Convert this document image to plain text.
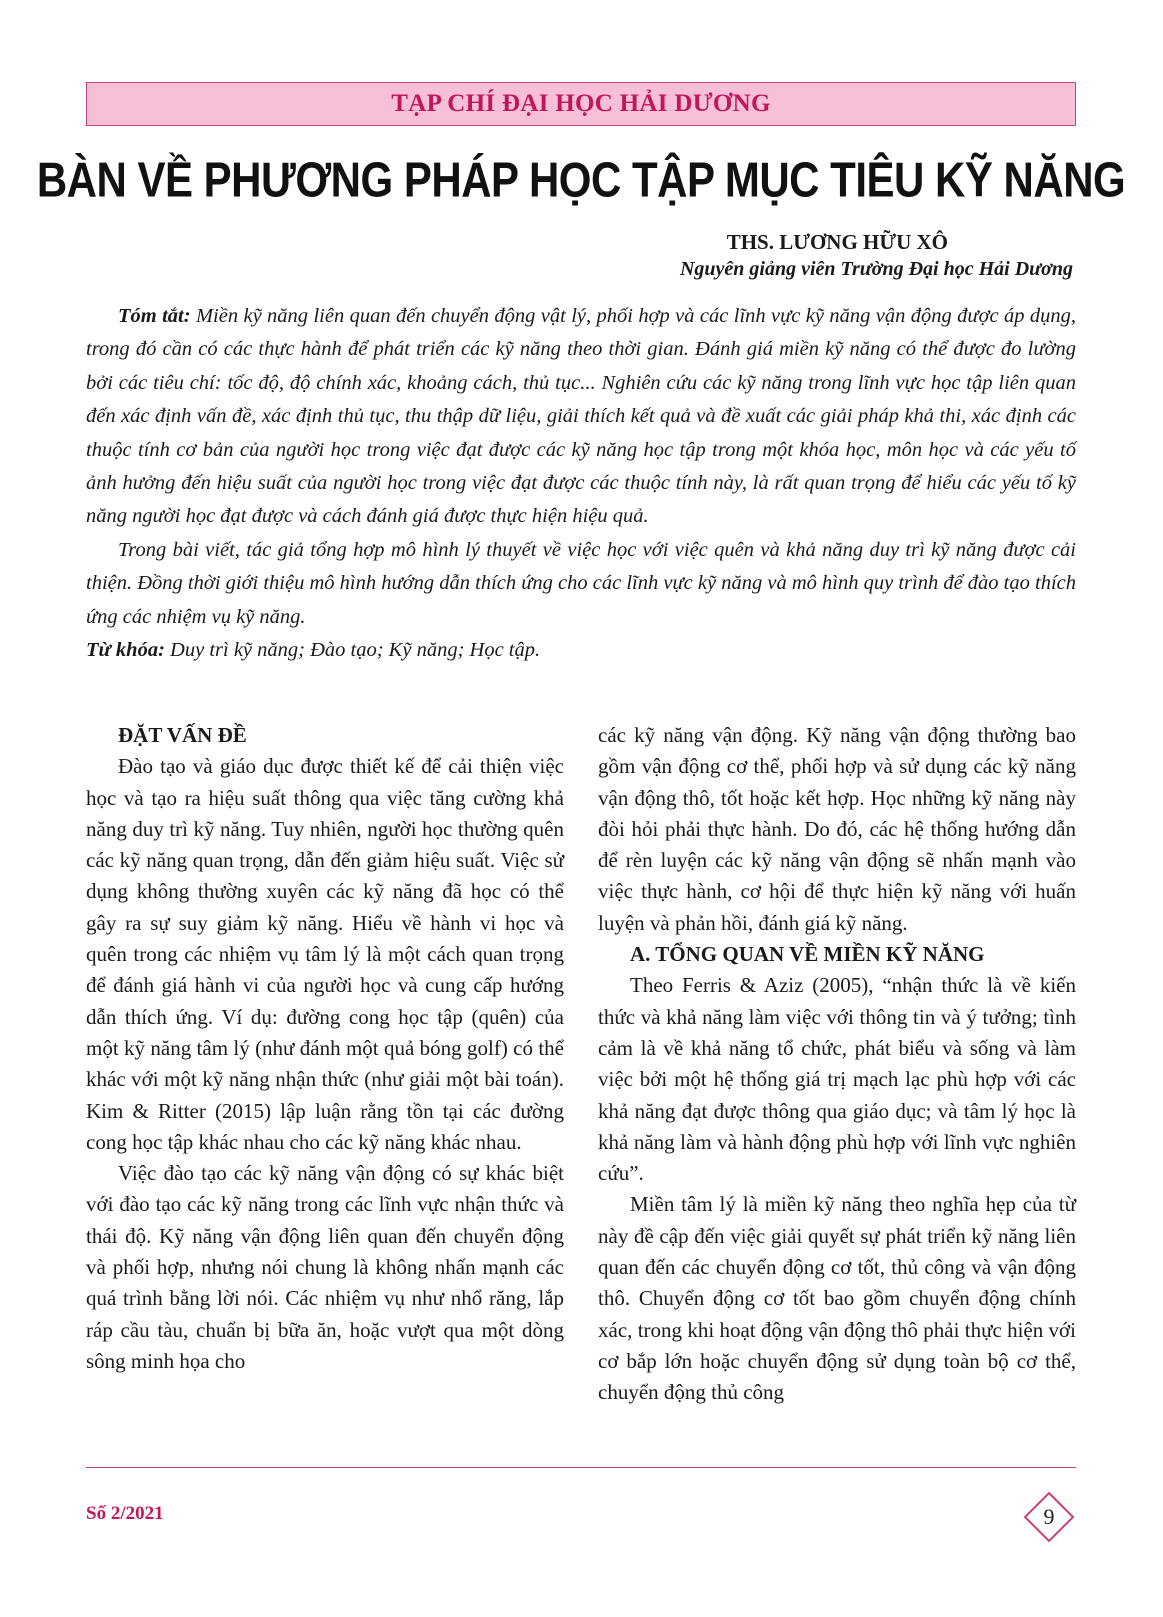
TẠP CHÍ ĐẠI HỌC HẢI DƯƠNG
BÀN VỀ PHƯƠNG PHÁP HỌC TẬP MỤC TIÊU KỸ NĂNG
THS. LƯƠNG HỮU XÔ
Nguyên giảng viên Trường Đại học Hải Dương

Tóm tắt: Miền kỹ năng liên quan đến chuyển động vật lý, phối hợp và các lĩnh vực kỹ năng vận động được áp dụng, trong đó cần có các thực hành để phát triển các kỹ năng theo thời gian. Đánh giá miền kỹ năng có thể được đo lường bởi các tiêu chí: tốc độ, độ chính xác, khoảng cách, thủ tục... Nghiên cứu các kỹ năng trong lĩnh vực học tập liên quan đến xác định vấn đề, xác định thủ tục, thu thập dữ liệu, giải thích kết quả và đề xuất các giải pháp khả thi, xác định các thuộc tính cơ bản của người học trong việc đạt được các kỹ năng học tập trong một khóa học, môn học và các yếu tố ảnh hưởng đến hiệu suất của người học trong việc đạt được các thuộc tính này, là rất quan trọng để hiểu các yếu tố kỹ năng người học đạt được và cách đánh giá được thực hiện hiệu quả.

Trong bài viết, tác giả tổng hợp mô hình lý thuyết về việc học với việc quên và khả năng duy trì kỹ năng được cải thiện. Đồng thời giới thiệu mô hình hướng dẫn thích ứng cho các lĩnh vực kỹ năng và mô hình quy trình để đào tạo thích ứng các nhiệm vụ kỹ năng.

Từ khóa: Duy trì kỹ năng; Đào tạo; Kỹ năng; Học tập.

ĐẶT VẤN ĐỀ

Đào tạo và giáo dục được thiết kế để cải thiện việc học và tạo ra hiệu suất thông qua việc tăng cường khả năng duy trì kỹ năng. Tuy nhiên, người học thường quên các kỹ năng quan trọng, dẫn đến giảm hiệu suất. Việc sử dụng không thường xuyên các kỹ năng đã học có thể gây ra sự suy giảm kỹ năng. Hiểu về hành vi học và quên trong các nhiệm vụ tâm lý là một cách quan trọng để đánh giá hành vi của người học và cung cấp hướng dẫn thích ứng. Ví dụ: đường cong học tập (quên) của một kỹ năng tâm lý (như đánh một quả bóng golf) có thể khác với một kỹ năng nhận thức (như giải một bài toán). Kim & Ritter (2015) lập luận rằng tồn tại các đường cong học tập khác nhau cho các kỹ năng khác nhau.

Việc đào tạo các kỹ năng vận động có sự khác biệt với đào tạo các kỹ năng trong các lĩnh vực nhận thức và thái độ. Kỹ năng vận động liên quan đến chuyển động và phối hợp, nhưng nói chung là không nhấn mạnh các quá trình bằng lời nói. Các nhiệm vụ như nhổ răng, lắp ráp cầu tàu, chuẩn bị bữa ăn, hoặc vượt qua một dòng sông minh họa cho

các kỹ năng vận động. Kỹ năng vận động thường bao gồm vận động cơ thể, phối hợp và sử dụng các kỹ năng vận động thô, tốt hoặc kết hợp. Học những kỹ năng này đòi hỏi phải thực hành. Do đó, các hệ thống hướng dẫn để rèn luyện các kỹ năng vận động sẽ nhấn mạnh vào việc thực hành, cơ hội để thực hiện kỹ năng với huấn luyện và phản hồi, đánh giá kỹ năng.

A. TỔNG QUAN VỀ MIỀN KỸ NĂNG

Theo Ferris & Aziz (2005), “nhận thức là về kiến thức và khả năng làm việc với thông tin và ý tưởng; tình cảm là về khả năng tổ chức, phát biểu và sống và làm việc bởi một hệ thống giá trị mạch lạc phù hợp với các khả năng đạt được thông qua giáo dục; và tâm lý học là khả năng làm và hành động phù hợp với lĩnh vực nghiên cứu”.

Miền tâm lý là miền kỹ năng theo nghĩa hẹp của từ này đề cập đến việc giải quyết sự phát triển kỹ năng liên quan đến các chuyển động cơ tốt, thủ công và vận động thô. Chuyển động cơ tốt bao gồm chuyển động chính xác, trong khi hoạt động vận động thô phải thực hiện với cơ bắp lớn hoặc chuyển động sử dụng toàn bộ cơ thể, chuyển động thủ công

Số 2/2021	9
